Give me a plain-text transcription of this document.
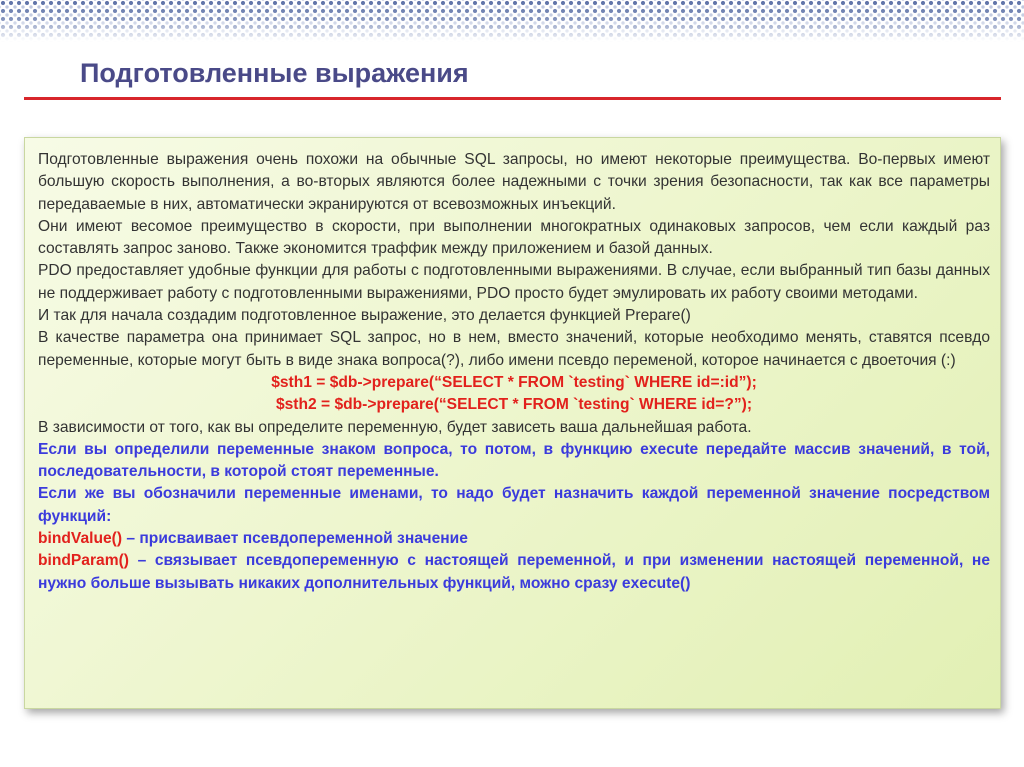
Подготовленные выражения

Подготовленные выражения очень похожи на обычные SQL запросы, но имеют некоторые преимущества. Во-первых имеют большую скорость выполнения, а во-вторых являются более надежными с точки зрения безопасности, так как все параметры передаваемые в них, автоматически экранируются от всевозможных инъекций.

Они имеют весомое преимущество в скорости, при выполнении многократных одинаковых запросов, чем если каждый раз составлять запрос заново. Также экономится траффик между приложением и базой данных.

PDO предоставляет удобные функции для работы с подготовленными выражениями. В случае, если выбранный тип базы данных не поддерживает работу с подготовленными выражениями, PDO просто будет эмулировать их работу своими методами.

И так для начала создадим подготовленное выражение, это делается функцией Prepare()

В качестве параметра она принимает SQL запрос, но в нем, вместо значений, которые необходимо менять, ставятся псевдо переменные, которые могут быть в виде знака вопроса(?), либо имени псевдо переменой, которое начинается с двоеточия (:)

$sth1 = $db->prepare(“SELECT * FROM `testing` WHERE id=:id”);

$sth2 = $db->prepare(“SELECT * FROM `testing` WHERE id=?”);

В зависимости от того, как вы определите переменную, будет зависеть ваша дальнейшая работа.

Если вы определили переменные знаком вопроса, то потом, в функцию execute передайте массив значений, в той, последовательности, в которой стоят переменные.

Если же вы обозначили переменные именами, то надо будет назначить каждой переменной значение посредством функций:

bindValue() – присваивает псевдопеременной значение

bindParam() – связывает псевдопеременную с настоящей переменной, и при изменении настоящей переменной, не нужно больше вызывать никаких дополнительных функций, можно сразу execute()
